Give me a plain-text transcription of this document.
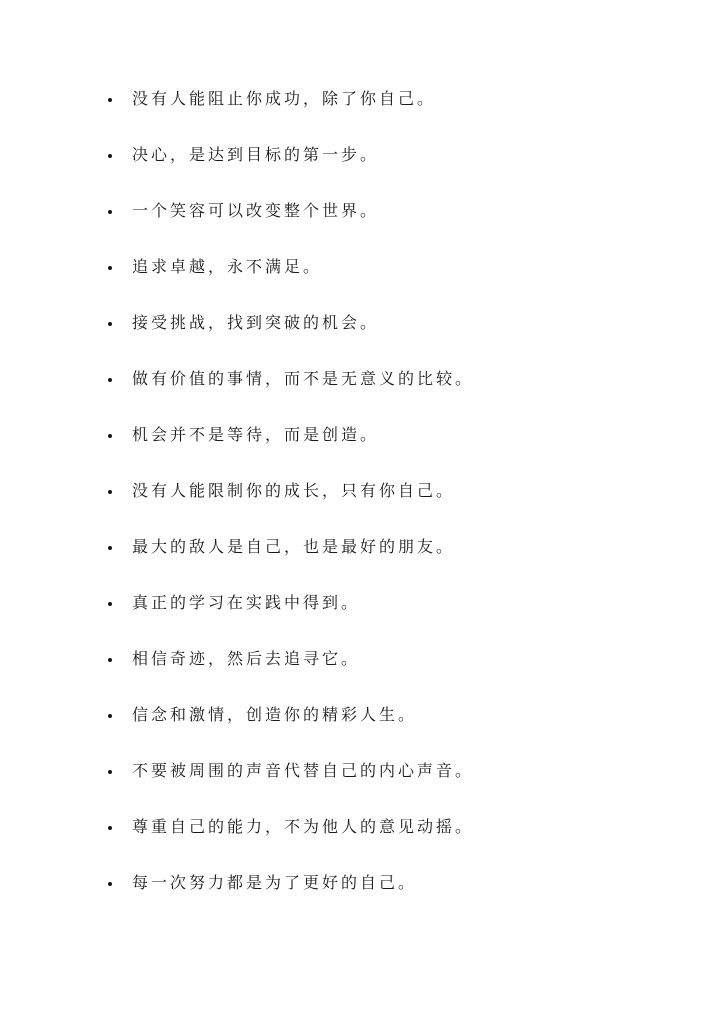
没有人能阻止你成功，除了你自己。
决心，是达到目标的第一步。
一个笑容可以改变整个世界。
追求卓越，永不满足。
接受挑战，找到突破的机会。
做有价值的事情，而不是无意义的比较。
机会并不是等待，而是创造。
没有人能限制你的成长，只有你自己。
最大的敌人是自己，也是最好的朋友。
真正的学习在实践中得到。
相信奇迹，然后去追寻它。
信念和激情，创造你的精彩人生。
不要被周围的声音代替自己的内心声音。
尊重自己的能力，不为他人的意见动摇。
每一次努力都是为了更好的自己。
